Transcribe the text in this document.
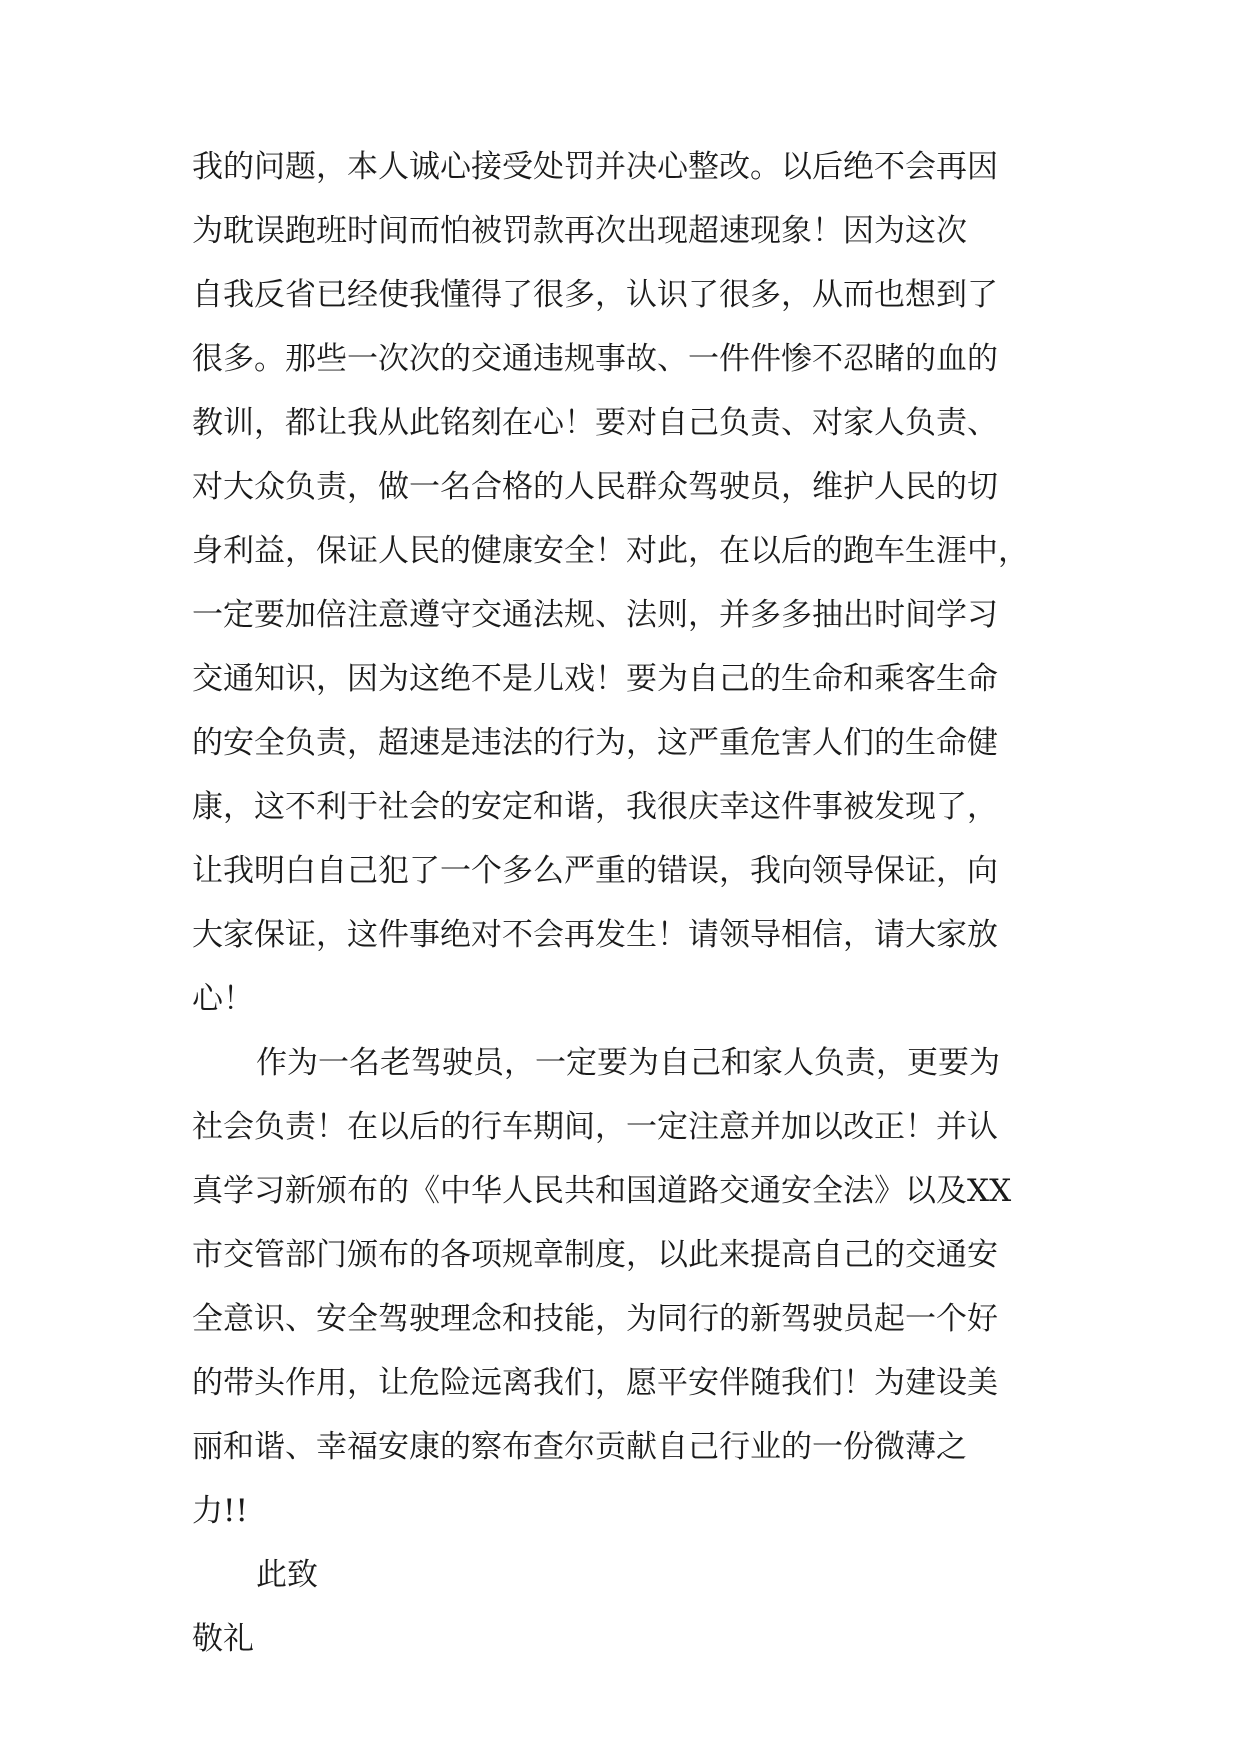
我的问题，本人诚心接受处罚并决心整改。以后绝不会再因
为耽误跑班时间而怕被罚款再次出现超速现象！因为这次
自我反省已经使我懂得了很多，认识了很多，从而也想到了
很多。那些一次次的交通违规事故、一件件惨不忍睹的血的
教训，都让我从此铭刻在心！要对自己负责、对家人负责、
对大众负责，做一名合格的人民群众驾驶员，维护人民的切
身利益，保证人民的健康安全！对此，在以后的跑车生涯中，
一定要加倍注意遵守交通法规、法则，并多多抽出时间学习
交通知识，因为这绝不是儿戏！要为自己的生命和乘客生命
的安全负责，超速是违法的行为，这严重危害人们的生命健
康，这不利于社会的安定和谐，我很庆幸这件事被发现了，
让我明白自己犯了一个多么严重的错误，我向领导保证，向
大家保证，这件事绝对不会再发生！请领导相信，请大家放
心！
作为一名老驾驶员，一定要为自己和家人负责，更要为
社会负责！在以后的行车期间，一定注意并加以改正！并认
真学习新颁布的《中华人民共和国道路交通安全法》以及XX
市交管部门颁布的各项规章制度，以此来提高自己的交通安
全意识、安全驾驶理念和技能，为同行的新驾驶员起一个好
的带头作用，让危险远离我们，愿平安伴随我们！为建设美
丽和谐、幸福安康的察布查尔贡献自己行业的一份微薄之
力!!
此致
敬礼
